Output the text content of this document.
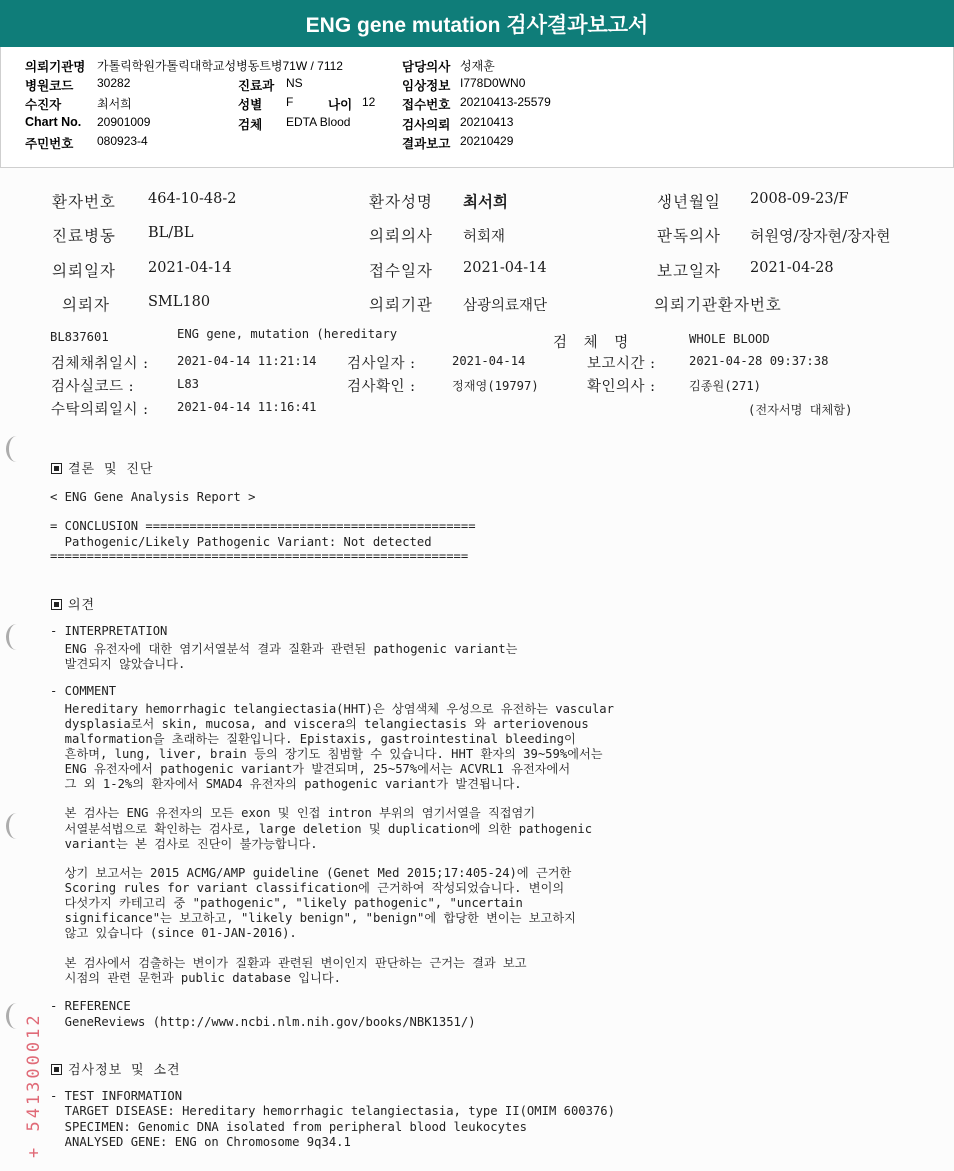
ENG gene mutation 검사결과보고서
의뢰기관명 가톨릭학원가톨릭대학교성병동트병71W / 7112	담당의사 성재훈
병원코드 30282	진료과 NS	임상정보 I778D0WN0
수진자	최서희	성별 F	나이 12 접수번호 20210413-25579
Chart No. 20901009	검체 EDTA Blood	검사의뢰 20210413
주민번호 080923-4	결과보고 20210429
환자번호 464-10-48-2	환자성명 최서희	생년월일 2008-09-23/F
진료병동 BL/BL	의뢰의사 허회재	판독의사 허원영/장자현/장자현
의뢰일자 2021-04-14	접수일자 2021-04-14	보고일자 2021-04-28
의뢰자	SML180	의뢰기관 삼광의료재단	의뢰기관환자번호
BL837601	ENG gene, mutation (hereditary
검 체 명	WHOLE BLOOD
검체채취일시 : 2021-04-14 11:21:14 검사일자 :	2021-04-14	보고시간 :	2021-04-28 09:37:38
검사실코드 :	L83	검사확인 :	정재영(19797)	확인의사 :	김종원(271)
수탁의뢰일시 : 2021-04-14 11:16:41	(전자서명 대체함)
결론 및 진단
< ENG Gene Analysis Report >
= CONCLUSION =============================================
Pathogenic/Likely Pathogenic Variant: Not detected
=========================================================
의견
- INTERPRETATION
ENG 유전자에 대한 염기서열분석 결과 질환과 관련된 pathogenic variant는
발견되지 않았습니다.
- COMMENT
Hereditary hemorrhagic telangiectasia(HHT)은 상염색체 우성으로 유전하는 vascular
dysplasia로서 skin, mucosa, and viscera의 telangiectasis 와 arteriovenous
malformation을 초래하는 질환입니다. Epistaxis, gastrointestinal bleeding이
흔하며, lung, liver, brain 등의 장기도 침범할 수 있습니다. HHT 환자의 39~59%에서는
ENG 유전자에서 pathogenic variant가 발견되며, 25~57%에서는 ACVRL1 유전자에서
그 외 1-2%의 환자에서 SMAD4 유전자의 pathogenic variant가 발견됩니다.
본 검사는 ENG 유전자의 모든 exon 및 인접 intron 부위의 염기서열을 직접염기
서열분석법으로 확인하는 검사로, large deletion 및 duplication에 의한 pathogenic
variant는 본 검사로 진단이 불가능합니다.
상기 보고서는 2015 ACMG/AMP guideline (Genet Med 2015;17:405-24)에 근거한
Scoring rules for variant classification에 근거하여 작성되었습니다. 변이의
다섯가지 카테고리 중 "pathogenic", "likely pathogenic", "uncertain
significance"는 보고하고, "likely benign", "benign"에 합당한 변이는 보고하지
않고 있습니다 (since 01-JAN-2016).
본 검사에서 검출하는 변이가 질환과 관련된 변이인지 판단하는 근거는 결과 보고
시점의 관련 문헌과 public database 입니다.
- REFERENCE
GeneReviews (http://www.ncbi.nlm.nih.gov/books/NBK1351/)
검사정보 및 소견
- TEST INFORMATION
TARGET DISEASE: Hereditary hemorrhagic telangiectasia, type II(OMIM 600376)
SPECIMEN: Genomic DNA isolated from peripheral blood leukocytes
ANALYSED GENE: ENG on Chromosome 9q34.1
+ 541300012
